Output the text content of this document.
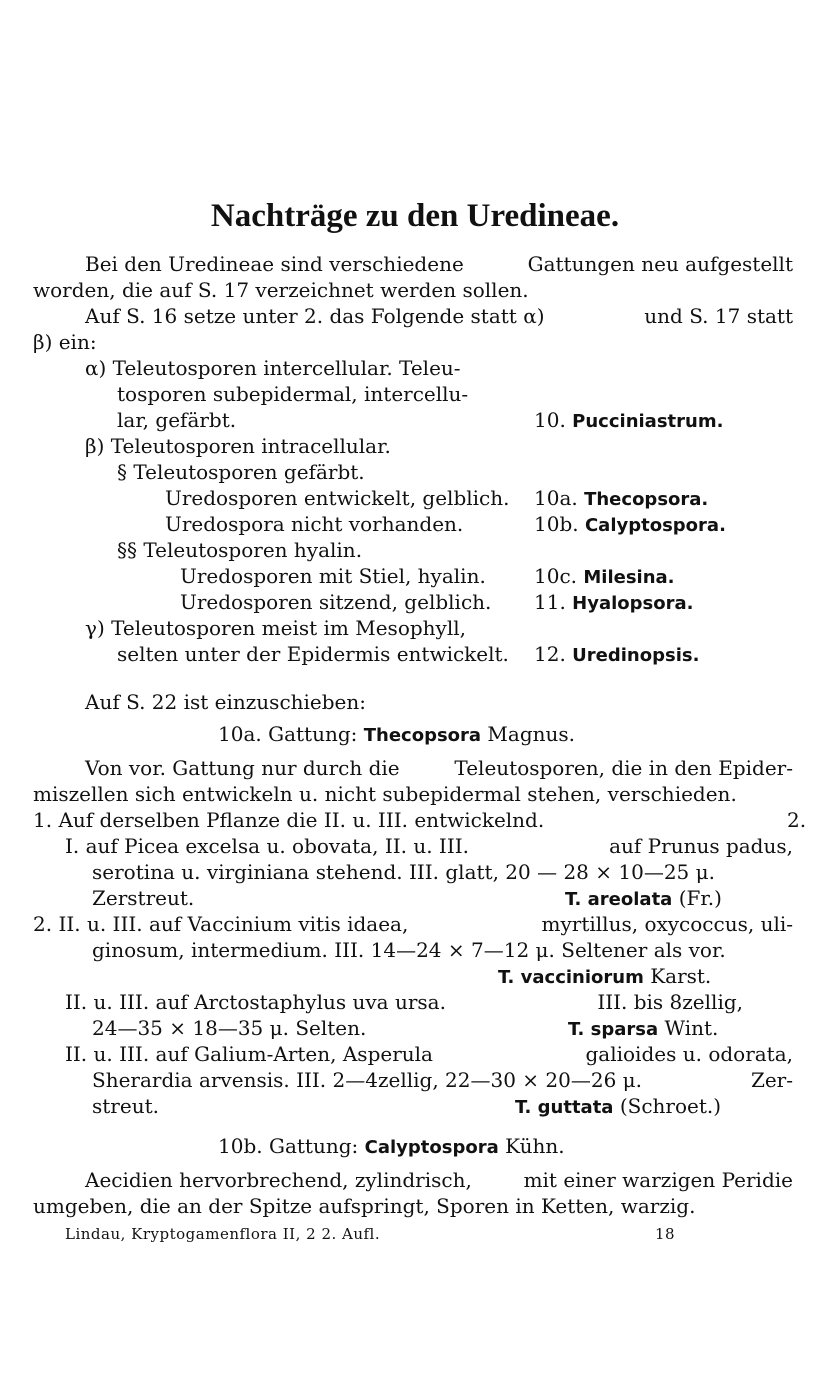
Nachträge zu den Uredineae.
Bei den Uredineae sind verschiedene	Gattungen neu aufgestellt
worden, die auf S. 17 verzeichnet werden sollen.
Auf S. 16 setze unter 2. das Folgende statt α)	und S. 17 statt
β) ein:
α) Teleutosporen intercellular. Teleu-
tosporen subepidermal, intercellu-
lar, gefärbt.	10. Pucciniastrum.
β) Teleutosporen intracellular.
§ Teleutosporen gefärbt.
Uredosporen entwickelt, gelblich. 10a. Thecopsora.
Uredospora nicht vorhanden.	10b. Calyptospora.
§§ Teleutosporen hyalin.
Uredosporen mit Stiel, hyalin. 10c. Milesina.
Uredosporen sitzend, gelblich. 11. Hyalopsora.
γ) Teleutosporen meist im Mesophyll,
selten unter der Epidermis entwickelt. 12. Uredinopsis.
Auf S. 22 ist einzuschieben:
10a. Gattung: Thecopsora Magnus.
Von vor. Gattung nur durch die	Teleutosporen, die in den Epider-
miszellen sich entwickeln u. nicht subepidermal stehen, verschieden.
1. Auf derselben Pflanze die II. u. III. entwickelnd.	2.
I. auf Picea excelsa u. obovata, II. u. III.	auf Prunus padus,
serotina u. virginiana stehend. III. glatt, 20 — 28 × 10—25 μ.
Zerstreut.	T. areolata (Fr.)
2. II. u. III. auf Vaccinium vitis idaea,	myrtillus, oxycoccus, uli-
ginosum, intermedium. III. 14—24 × 7—12 μ. Seltener als vor.
T. vacciniorum Karst.
II. u. III. auf Arctostaphylus uva ursa.	III. bis 8zellig,
24—35 × 18—35 μ. Selten.	T. sparsa Wint.
II. u. III. auf Galium-Arten, Asperula	galioides u. odorata,
Sherardia arvensis. III. 2—4zellig, 22—30 × 20—26 μ.	Zer-
streut.	T. guttata (Schroet.)
10b. Gattung: Calyptospora Kühn.
Aecidien hervorbrechend, zylindrisch,	mit einer warzigen Peridie
umgeben, die an der Spitze aufspringt, Sporen in Ketten, warzig.
Lindau, Kryptogamenflora II, 2 2. Aufl.	18
